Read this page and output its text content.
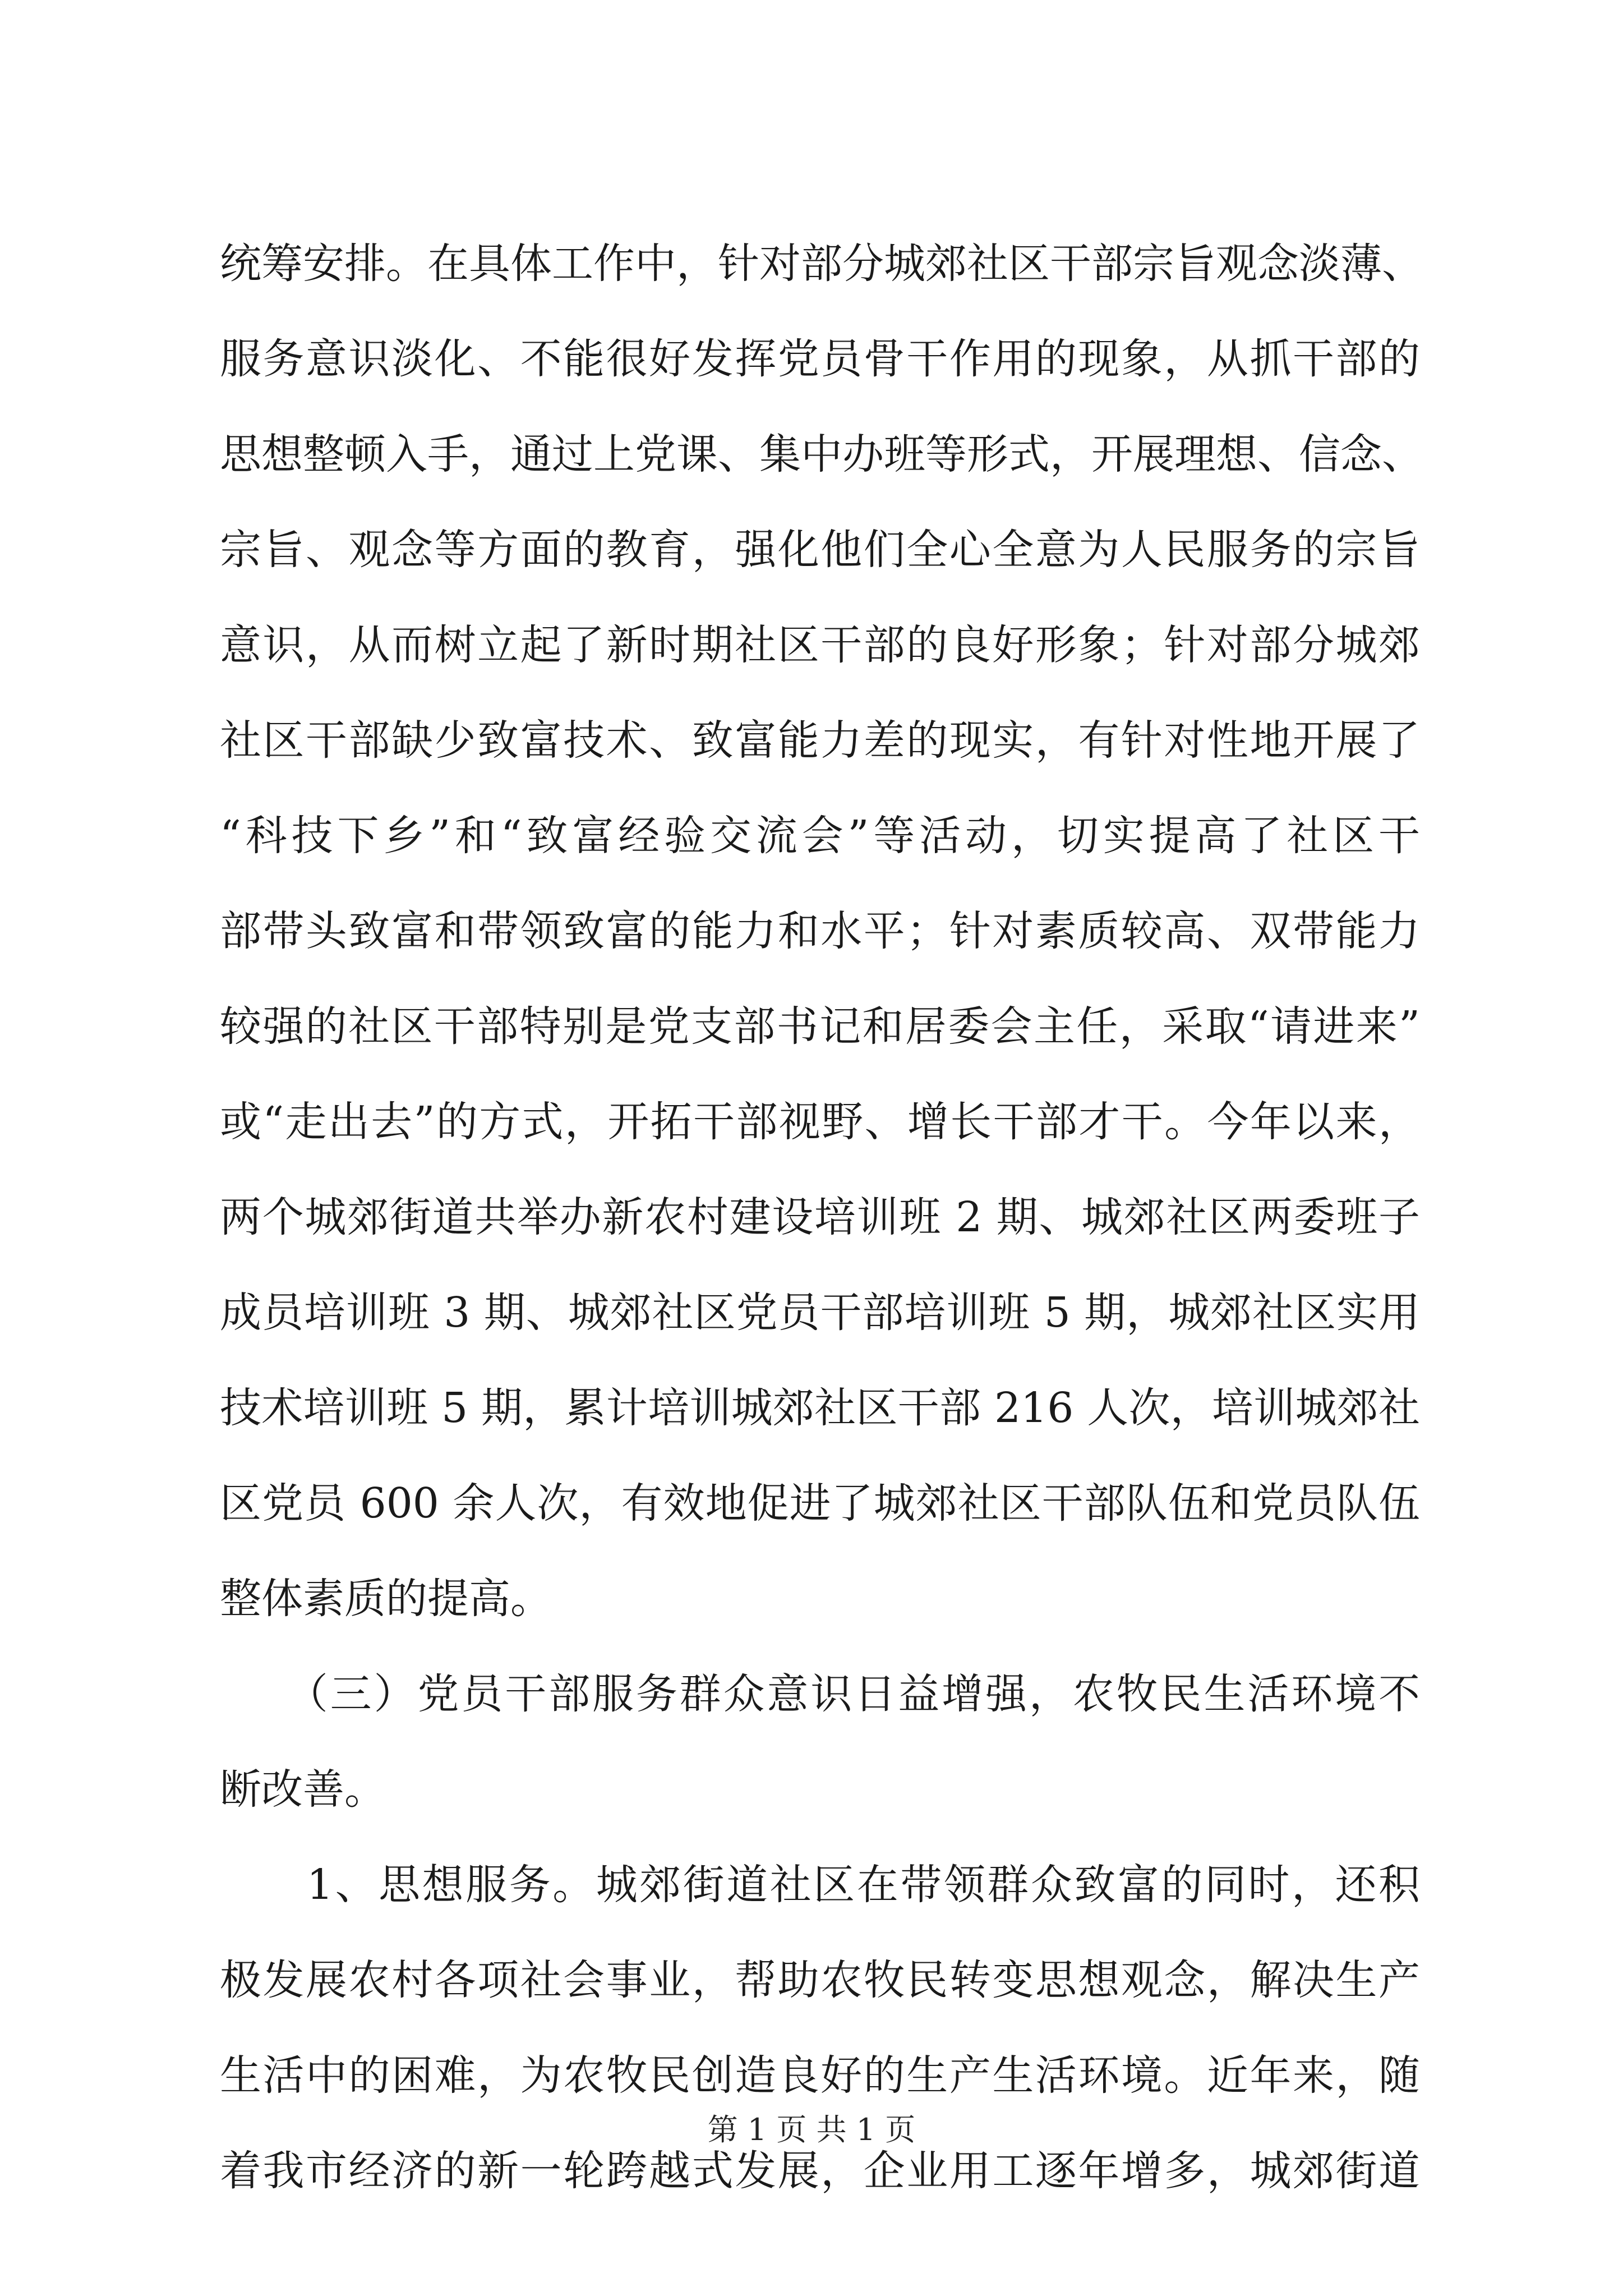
统筹安排。在具体工作中，针对部分城郊社区干部宗旨观念淡薄、
服务意识淡化、不能很好发挥党员骨干作用的现象，从抓干部的
思想整顿入手，通过上党课、集中办班等形式，开展理想、信念、
宗旨、观念等方面的教育，强化他们全心全意为人民服务的宗旨
意识，从而树立起了新时期社区干部的良好形象；针对部分城郊
社区干部缺少致富技术、致富能力差的现实，有针对性地开展了
“科技下乡”和“致富经验交流会”等活动，切实提高了社区干
部带头致富和带领致富的能力和水平；针对素质较高、双带能力
较强的社区干部特别是党支部书记和居委会主任，采取“请进来”
或“走出去”的方式，开拓干部视野、增长干部才干。今年以来，
两个城郊街道共举办新农村建设培训班 2 期、城郊社区两委班子
成员培训班 3 期、城郊社区党员干部培训班 5 期，城郊社区实用
技术培训班 5 期，累计培训城郊社区干部 216 人次，培训城郊社
区党员 600 余人次，有效地促进了城郊社区干部队伍和党员队伍
整体素质的提高。
　　（三）党员干部服务群众意识日益增强，农牧民生活环境不
断改善。
　　1、思想服务。城郊街道社区在带领群众致富的同时，还积
极发展农村各项社会事业，帮助农牧民转变思想观念，解决生产
生活中的困难，为农牧民创造良好的生产生活环境。近年来，随
着我市经济的新一轮跨越式发展，企业用工逐年增多，城郊街道
第 1 页 共 1 页
